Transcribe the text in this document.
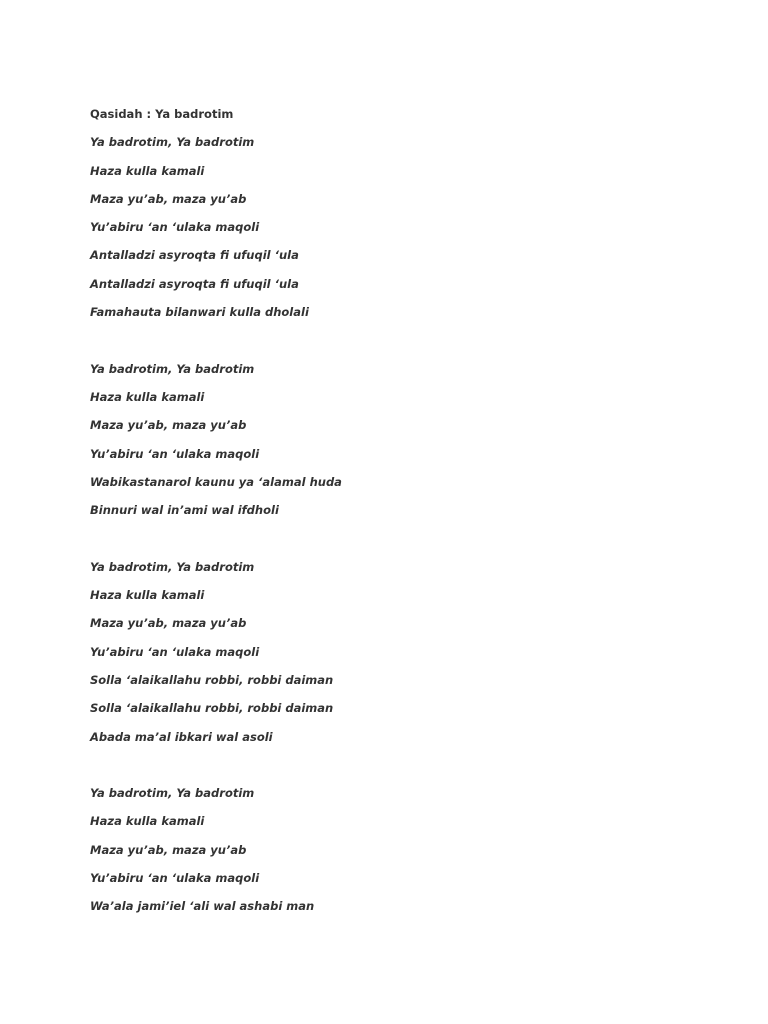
Qasidah : Ya badrotim
Ya badrotim, Ya badrotim
Haza kulla kamali
Maza yu’ab, maza yu’ab
Yu’abiru ‘an ‘ulaka maqoli
Antalladzi asyroqta fi ufuqil ‘ula
Antalladzi asyroqta fi ufuqil ‘ula
Famahauta bilanwari kulla dholali
Ya badrotim, Ya badrotim
Haza kulla kamali
Maza yu’ab, maza yu’ab
Yu’abiru ‘an ‘ulaka maqoli
Wabikastanarol kaunu ya ‘alamal huda
Binnuri wal in’ami wal ifdholi
Ya badrotim, Ya badrotim
Haza kulla kamali
Maza yu’ab, maza yu’ab
Yu’abiru ‘an ‘ulaka maqoli
Solla ‘alaikallahu robbi, robbi daiman
Solla ‘alaikallahu robbi, robbi daiman
Abada ma’al ibkari wal asoli
Ya badrotim, Ya badrotim
Haza kulla kamali
Maza yu’ab, maza yu’ab
Yu’abiru ‘an ‘ulaka maqoli
Wa’ala jami’iel ‘ali wal ashabi man
